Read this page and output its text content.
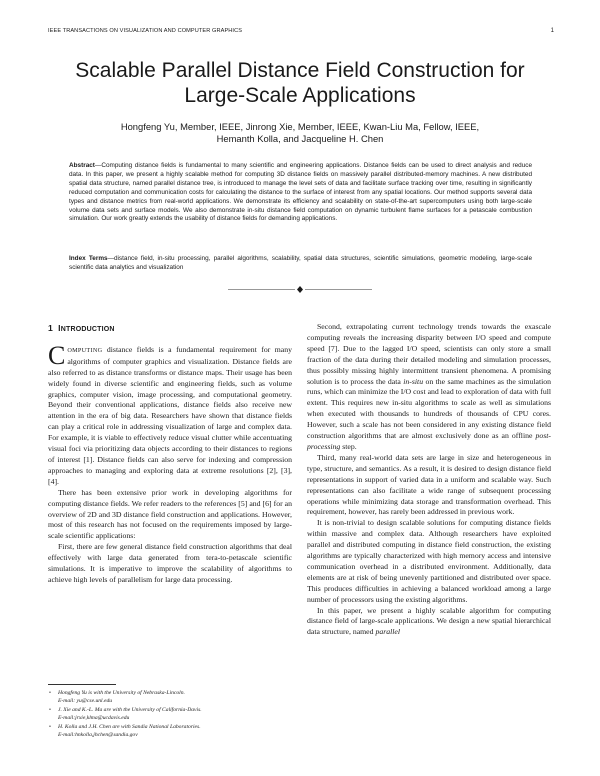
IEEE TRANSACTIONS ON VISUALIZATION AND COMPUTER GRAPHICS	1
Scalable Parallel Distance Field Construction for
Large-Scale Applications
Hongfeng Yu, Member, IEEE, Jinrong Xie, Member, IEEE, Kwan-Liu Ma, Fellow, IEEE,
Hemanth Kolla, and Jacqueline H. Chen
Abstract—Computing distance fields is fundamental to many scientific and engineering applications. Distance fields can be used to direct analysis and reduce data. In this paper, we present a highly scalable method for computing 3D distance fields on massively parallel distributed-memory machines. A new distributed spatial data structure, named parallel distance tree, is introduced to manage the level sets of data and facilitate surface tracking over time, resulting in significantly reduced computation and communication costs for calculating the distance to the surface of interest from any spatial locations. Our method supports several data types and distance metrics from real-world applications. We demonstrate its efficiency and scalability on state-of-the-art supercomputers using both large-scale volume data sets and surface models. We also demonstrate in-situ distance field computation on dynamic turbulent flame surfaces for a petascale combustion simulation. Our work greatly extends the usability of distance fields for demanding applications.
Index Terms—distance field, in-situ processing, parallel algorithms, scalability, spatial data structures, scientific simulations, geometric modeling, large-scale scientific data analytics and visualization
1 INTRODUCTION

COMPUTING distance fields is a fundamental requirement for many algorithms of computer graphics and visualization. Distance fields are also referred to as distance transforms or distance maps. Their usage has been widely found in diverse scientific and engineering fields, such as volume graphics, computer vision, image processing, and computational geometry. Beyond their conventional applications, distance fields also receive new attention in the era of big data. Researchers have shown that distance fields can play a critical role in addressing visualization of large and complex data. For example, it is viable to effectively reduce visual clutter while accentuating visual foci via prioritizing data objects according to their distances to regions of interest [1]. Distance fields can also serve for indexing and compression approaches to managing and exploring data at extreme resolutions [2], [3], [4].

There has been extensive prior work in developing algorithms for computing distance fields. We refer readers to the references [5] and [6] for an overview of 2D and 3D distance field construction and applications. However, most of this research has not focused on the requirements imposed by large-scale scientific applications:

First, there are few general distance field construction algorithms that deal effectively with large data generated from tera-to-petascale scientific simulations. It is imperative to improve the scalability of algorithms to achieve high levels of parallelism for large data processing.

• Hongfeng Yu is with the University of Nebraska-Lincoln.
E-mail: yu@cse.unl.edu
• J. Xie and K.-L. Ma are with the University of California-Davis.
E-mail:jrxie,klma@ucdavis.edu
• H. Kolla and J.H. Chen are with Sandia National Laboratories.
E-mail:hnkolla,jhchen@sandia.gov

Second, extrapolating current technology trends towards the exascale computing reveals the increasing disparity between I/O speed and compute speed [7]. Due to the lagged I/O speed, scientists can only store a small fraction of the data during their detailed modeling and simulation processes, thus possibly missing highly intermittent transient phenomena. A promising solution is to process the data in-situ on the same machines as the simulation runs, which can minimize the I/O cost and lead to exploration of data with full extent. This requires new in-situ algorithms to scale as well as simulations when executed with thousands to hundreds of thousands of CPU cores. However, such a scale has not been considered in any existing distance field construction algorithms that are almost exclusively done as an offline post-processing step.

Third, many real-world data sets are large in size and heterogeneous in type, structure, and semantics. As a result, it is desired to design distance field representations in support of varied data in a uniform and scalable way. Such representations can also facilitate a wide range of subsequent processing operations while minimizing data storage and transformation overhead. This requirement, however, has rarely been addressed in previous work.

It is non-trivial to design scalable solutions for computing distance fields within massive and complex data. Although researchers have exploited parallel and distributed computing in distance field construction, the existing algorithms are typically characterized with high memory access and intensive communication overhead in a distributed environment. Additionally, data elements are at risk of being unevenly partitioned and distributed over space. This produces difficulties in achieving a balanced workload among a large number of processors using the existing algorithms.

In this paper, we present a highly scalable algorithm for computing distance field of large-scale applications. We design a new spatial hierarchical data structure, named parallel
